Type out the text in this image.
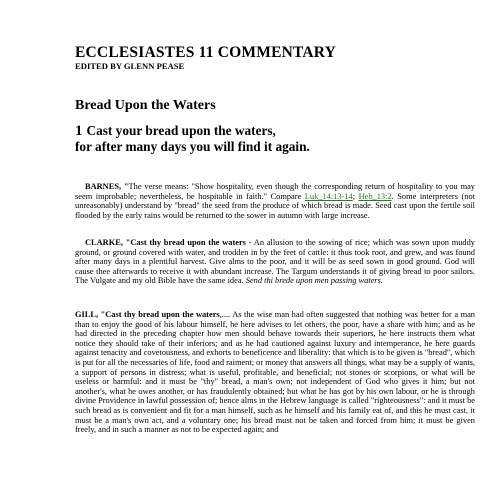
ECCLESIASTES 11 COMMENTARY
EDITED BY GLENN PEASE
Bread Upon the Waters
1 Cast your bread upon the waters,
for after many days you will find it again.
BARNES, "The verse means: "Show hospitality, even though the corresponding return of hospitality to you may seem improbable; nevertheless, be hospitable in faith." Compare Luk_14:13-14; Heb_13:2. Some interpreters (not unreasonably) understand by "bread" the seed from the produce of which bread is made. Seed cast upon the fertile soil flooded by the early rains would be returned to the sower in autumn with large increase.
CLARKE, "Cast thy bread upon the waters - An allusion to the sowing of rice; which was sown upon muddy ground, or ground covered with water, and trodden in by the feet of cattle: it thus took root, and grew, and was found after many days in a plentiful harvest. Give alms to the poor, and it will be as seed sown in good ground. God will cause thee afterwards to receive it with abundant increase. The Targum understands it of giving bread to poor sailors. The Vulgate and my old Bible have the same idea. Send thi brede upon men passing waters.
GILL, "Cast thy bread upon the waters,.... As the wise man had often suggested that nothing was better for a man than to enjoy the good of his labour himself, he here advises to let others, the poor, have a share with him; and as he had directed in the preceding chapter how men should behave towards their superiors, he here instructs them what notice they should take of their inferiors; and as he had cautioned against luxury and intemperance, he here guards against tenacity and covetousness, and exhorts to beneficence and liberality: that which is to be given is "bread", which is put for all the necessaries of life, food and raiment; or money that answers all things, what may be a supply of wants, a support of persons in distress; what is useful, profitable, and beneficial; not stones or scorpions, or what will be useless or harmful: and it must be "thy" bread, a man's own; not independent of God who gives it him; but not another's, what he owes another, or has fraudulently obtained; but what he has got by his own labour, or he is through divine Providence in lawful possession of; hence alms in the Hebrew language is called "righteousness": and it must be such bread as is convenient and fit for a man himself, such as he himself and his family eat of, and this he must cast, it must be a man's own act, and a voluntary one; his bread must not be taken and forced from him; it must be given freely, and in such a manner as not to be expected again; and
